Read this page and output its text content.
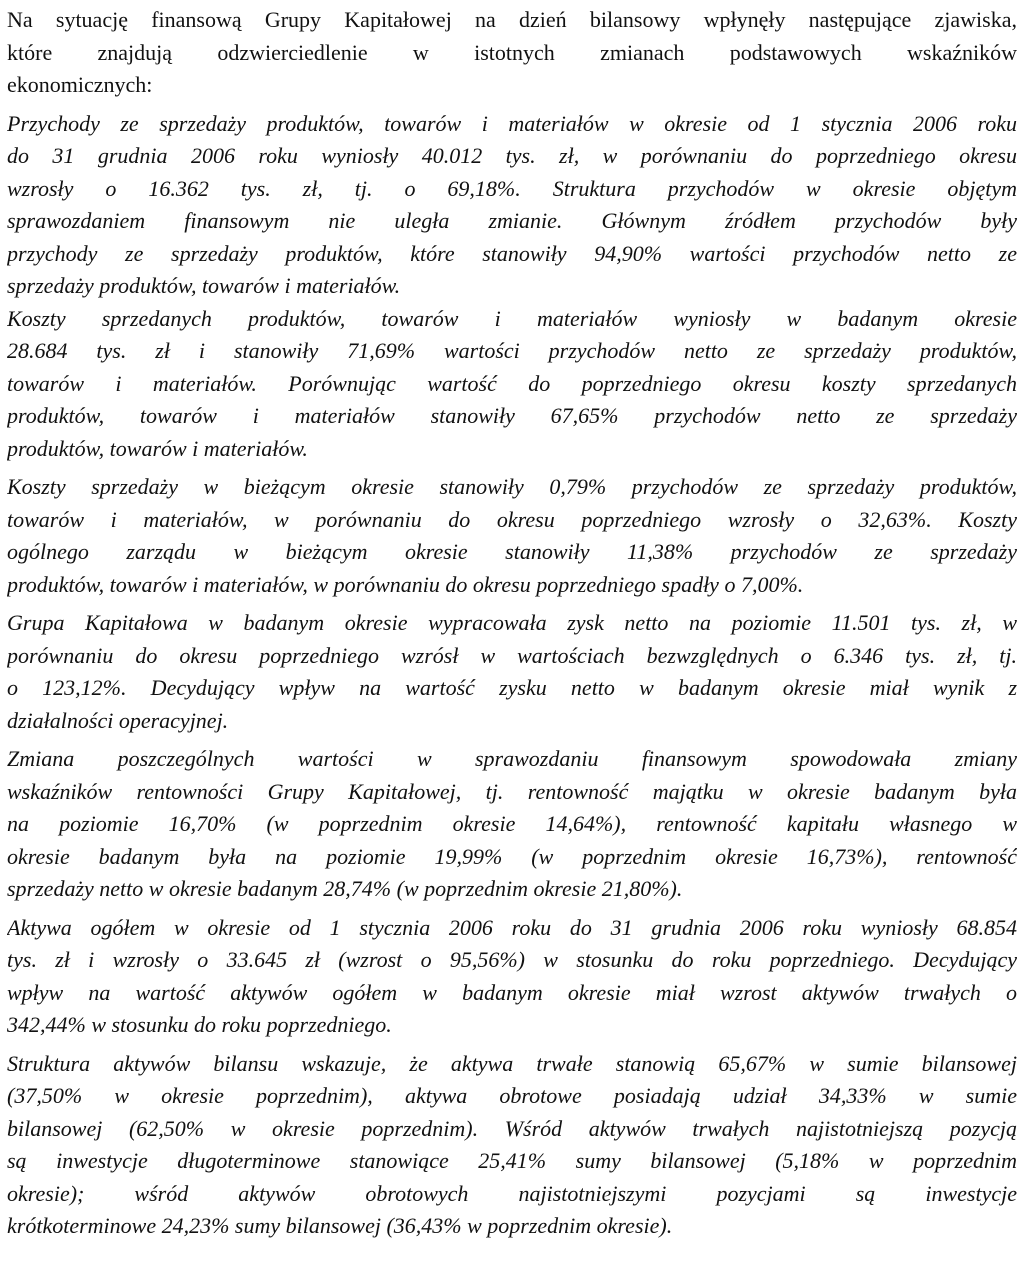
Na sytuację finansową Grupy Kapitałowej na dzień bilansowy wpłynęły następujące zjawiska,
które znajdują odzwierciedlenie w istotnych zmianach podstawowych wskaźników
ekonomicznych:
Przychody ze sprzedaży produktów, towarów i materiałów w okresie od 1 stycznia 2006 roku
do 31 grudnia 2006 roku wyniosły 40.012 tys. zł, w porównaniu do poprzedniego okresu
wzrosły o 16.362 tys. zł, tj. o 69,18%. Struktura przychodów w okresie objętym
sprawozdaniem finansowym nie uległa zmianie. Głównym źródłem przychodów były
przychody ze sprzedaży produktów, które stanowiły 94,90% wartości przychodów netto ze
sprzedaży produktów, towarów i materiałów.
Koszty sprzedanych produktów, towarów i materiałów wyniosły w badanym okresie
28.684 tys. zł i stanowiły 71,69% wartości przychodów netto ze sprzedaży produktów,
towarów i materiałów. Porównując wartość do poprzedniego okresu koszty sprzedanych
produktów, towarów i materiałów stanowiły 67,65% przychodów netto ze sprzedaży
produktów, towarów i materiałów.
Koszty sprzedaży w bieżącym okresie stanowiły 0,79% przychodów ze sprzedaży produktów,
towarów i materiałów, w porównaniu do okresu poprzedniego wzrosły o 32,63%. Koszty
ogólnego zarządu w bieżącym okresie stanowiły 11,38% przychodów ze sprzedaży
produktów, towarów i materiałów, w porównaniu do okresu poprzedniego spadły o 7,00%.
Grupa Kapitałowa w badanym okresie wypracowała zysk netto na poziomie 11.501 tys. zł, w
porównaniu do okresu poprzedniego wzrósł w wartościach bezwzględnych o 6.346 tys. zł, tj.
o 123,12%. Decydujący wpływ na wartość zysku netto w badanym okresie miał wynik z
działalności operacyjnej.
Zmiana poszczególnych wartości w sprawozdaniu finansowym spowodowała zmiany
wskaźników rentowności Grupy Kapitałowej, tj. rentowność majątku w okresie badanym była
na poziomie 16,70% (w poprzednim okresie 14,64%), rentowność kapitału własnego w
okresie badanym była na poziomie 19,99% (w poprzednim okresie 16,73%), rentowność
sprzedaży netto w okresie badanym 28,74% (w poprzednim okresie 21,80%).
Aktywa ogółem w okresie od 1 stycznia 2006 roku do 31 grudnia 2006 roku wyniosły 68.854
tys. zł i wzrosły o 33.645 zł (wzrost o 95,56%) w stosunku do roku poprzedniego. Decydujący
wpływ na wartość aktywów ogółem w badanym okresie miał wzrost aktywów trwałych o
342,44% w stosunku do roku poprzedniego.
Struktura aktywów bilansu wskazuje, że aktywa trwałe stanowią 65,67% w sumie bilansowej
(37,50% w okresie poprzednim), aktywa obrotowe posiadają udział 34,33% w sumie
bilansowej (62,50% w okresie poprzednim). Wśród aktywów trwałych najistotniejszą pozycją
są inwestycje długoterminowe stanowiące 25,41% sumy bilansowej (5,18% w poprzednim
okresie); wśród aktywów obrotowych najistotniejszymi pozycjami są inwestycje
krótkoterminowe 24,23% sumy bilansowej (36,43% w poprzednim okresie).
